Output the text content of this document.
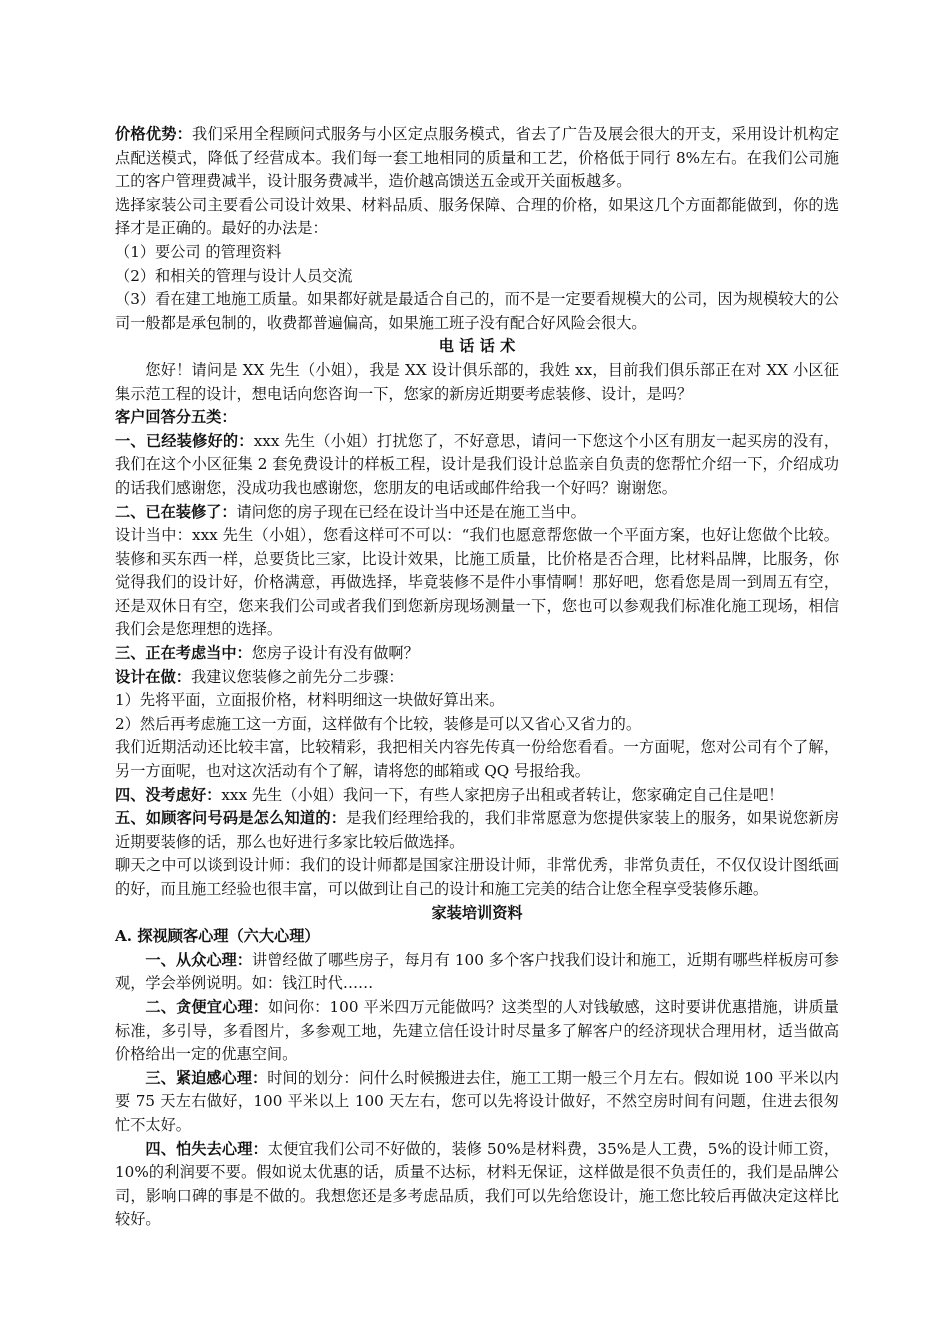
价格优势：我们采用全程顾问式服务与小区定点服务模式，省去了广告及展会很大的开支，采用设计机构定点配送模式，降低了经营成本。我们每一套工地相同的质量和工艺，价格低于同行 8%左右。在我们公司施工的客户管理费减半，设计服务费减半，造价越高馈送五金或开关面板越多。

选择家装公司主要看公司设计效果、材料品质、服务保障、合理的价格，如果这几个方面都能做到，你的选择才是正确的。最好的办法是：

（1）要公司 的管理资料

（2）和相关的管理与设计人员交流

（3）看在建工地施工质量。如果都好就是最适合自己的，而不是一定要看规模大的公司，因为规模较大的公司一般都是承包制的，收费都普遍偏高，如果施工班子没有配合好风险会很大。

电 话 话 术

您好！请问是 XX 先生（小姐），我是 XX 设计俱乐部的，我姓 xx，目前我们俱乐部正在对 XX 小区征集示范工程的设计，想电话向您咨询一下，您家的新房近期要考虑装修、设计，是吗？

客户回答分五类：

一、已经装修好的：xxx 先生（小姐）打扰您了，不好意思，请问一下您这个小区有朋友一起买房的没有，我们在这个小区征集 2 套免费设计的样板工程，设计是我们设计总监亲自负责的您帮忙介绍一下，介绍成功的话我们感谢您，没成功我也感谢您，您朋友的电话或邮件给我一个好吗？谢谢您。

二、已在装修了：请问您的房子现在已经在设计当中还是在施工当中。

设计当中：xxx 先生（小姐），您看这样可不可以：“我们也愿意帮您做一个平面方案，也好让您做个比较。装修和买东西一样，总要货比三家，比设计效果，比施工质量，比价格是否合理，比材料品牌，比服务，你觉得我们的设计好，价格满意，再做选择，毕竟装修不是件小事情啊！那好吧，您看您是周一到周五有空，还是双休日有空，您来我们公司或者我们到您新房现场测量一下，您也可以参观我们标准化施工现场，相信我们会是您理想的选择。

三、正在考虑当中：您房子设计有没有做啊？

设计在做：我建议您装修之前先分二步骤：

1）先将平面，立面报价格，材料明细这一块做好算出来。

2）然后再考虑施工这一方面，这样做有个比较，装修是可以又省心又省力的。

我们近期活动还比较丰富，比较精彩，我把相关内容先传真一份给您看看。一方面呢，您对公司有个了解，另一方面呢，也对这次活动有个了解，请将您的邮箱或 QQ 号报给我。

四、没考虑好：xxx 先生（小姐）我问一下，有些人家把房子出租或者转让，您家确定自己住是吧！

五、如顾客问号码是怎么知道的：是我们经理给我的，我们非常愿意为您提供家装上的服务，如果说您新房近期要装修的话，那么也好进行多家比较后做选择。

聊天之中可以谈到设计师：我们的设计师都是国家注册设计师，非常优秀，非常负责任，不仅仅设计图纸画的好，而且施工经验也很丰富，可以做到让自己的设计和施工完美的结合让您全程享受装修乐趣。

家装培训资料

A. 探视顾客心理（六大心理）

一、从众心理：讲曾经做了哪些房子，每月有 100 多个客户找我们设计和施工，近期有哪些样板房可参观，学会举例说明。如：钱江时代……

二、贪便宜心理：如问你：100 平米四万元能做吗？这类型的人对钱敏感，这时要讲优惠措施，讲质量标准，多引导，多看图片，多参观工地，先建立信任设计时尽量多了解客户的经济现状合理用材，适当做高价格给出一定的优惠空间。

三、紧迫感心理：时间的划分：问什么时候搬进去住，施工工期一般三个月左右。假如说 100 平米以内要 75 天左右做好，100 平米以上 100 天左右，您可以先将设计做好，不然空房时间有问题，住进去很匆忙不太好。

四、怕失去心理：太便宜我们公司不好做的，装修 50%是材料费，35%是人工费，5%的设计师工资，10%的利润要不要。假如说太优惠的话，质量不达标，材料无保证，这样做是很不负责任的，我们是品牌公司，影响口碑的事是不做的。我想您还是多考虑品质，我们可以先给您设计，施工您比较后再做决定这样比较好。
